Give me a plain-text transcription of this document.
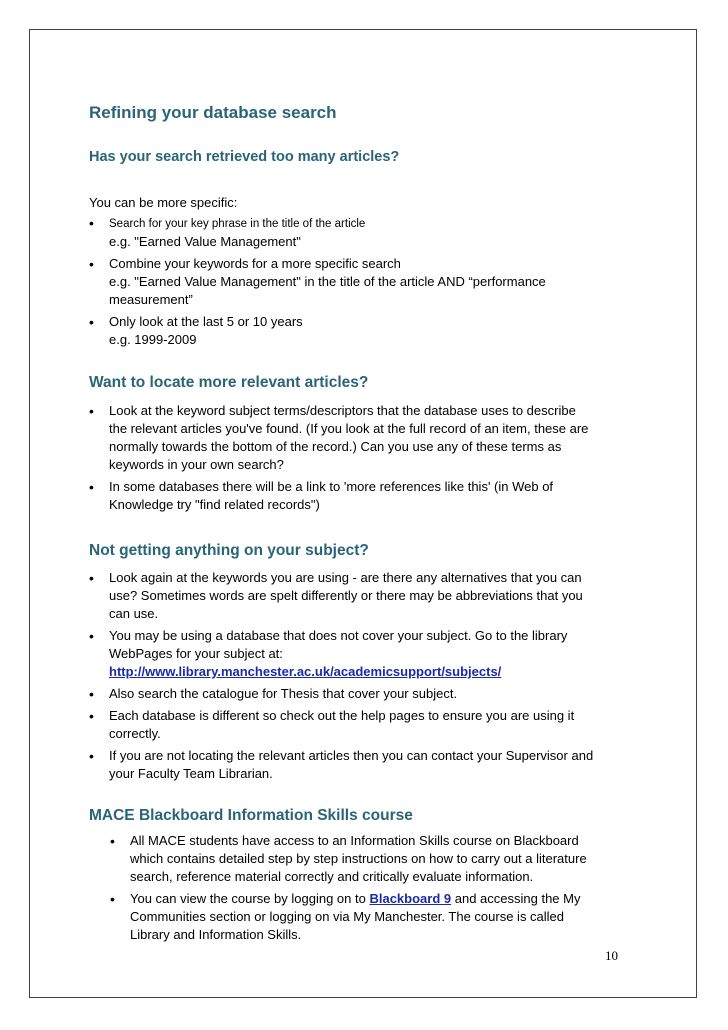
Refining your database search
Has your search retrieved too many articles?

You can be more specific:

• Search for your key phrase in the title of the article
e.g. "Earned Value Management"
• Combine your keywords for a more specific search
e.g. "Earned Value Management" in the title of the article AND “performance
measurement”
• Only look at the last 5 or 10 years
e.g. 1999-2009
Want to locate more relevant articles?
• Look at the keyword subject terms/descriptors that the database uses to describe
the relevant articles you've found. (If you look at the full record of an item, these are
normally towards the bottom of the record.) Can you use any of these terms as
keywords in your own search?
• In some databases there will be a link to 'more references like this' (in Web of
Knowledge try "find related records")
Not getting anything on your subject?
• Look again at the keywords you are using - are there any alternatives that you can
use? Sometimes words are spelt differently or there may be abbreviations that you
can use.
• You may be using a database that does not cover your subject. Go to the library
WebPages for your subject at:
http://www.library.manchester.ac.uk/academicsupport/subjects/
• Also search the catalogue for Thesis that cover your subject.
• Each database is different so check out the help pages to ensure you are using it
correctly.
• If you are not locating the relevant articles then you can contact your Supervisor and
your Faculty Team Librarian.
MACE Blackboard Information Skills course
• All MACE students have access to an Information Skills course on Blackboard
which contains detailed step by step instructions on how to carry out a literature
search, reference material correctly and critically evaluate information.
• You can view the course by logging on to Blackboard 9 and accessing the My
Communities section or logging on via My Manchester. The course is called
Library and Information Skills.
10
